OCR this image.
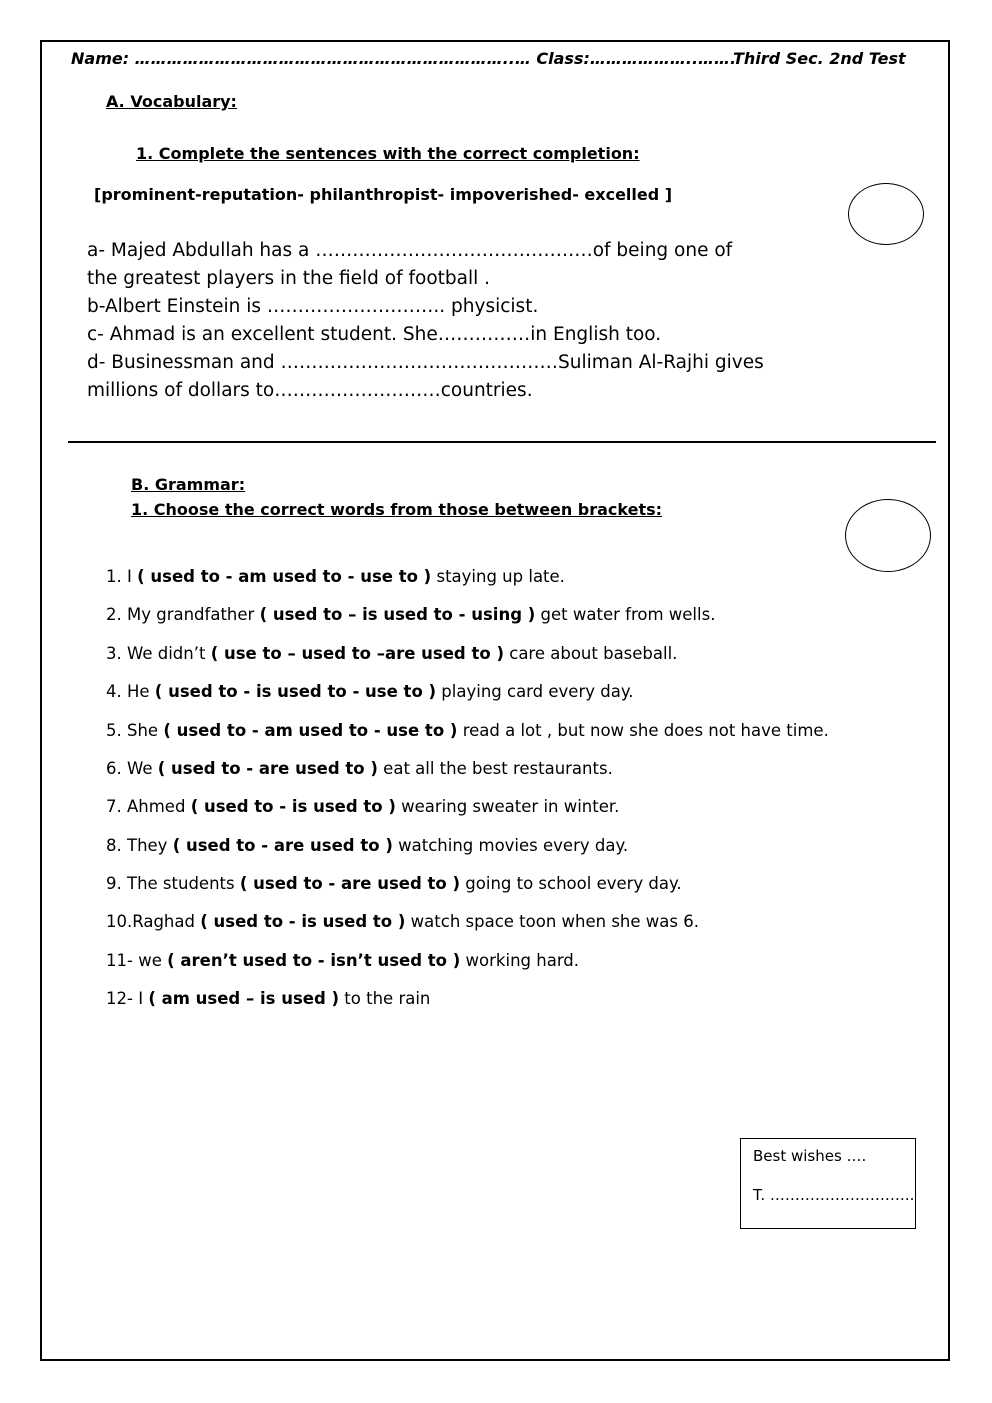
Name: ……………………………………………………………..… Class:………………..…….
Third Sec. 2nd Test
A. Vocabulary:
1. Complete the sentences with the correct completion:
[prominent-reputation- philanthropist- impoverished- excelled ]
a- Majed Abdullah has a ………………………………………of being one of
the greatest players in the field of football .
b-Albert Einstein is ……………………….. physicist.
c- Ahmad is an excellent student. She……………in English too.
d- Businessman and ………………………………………Suliman Al-Rajhi gives
millions of dollars to………………………countries.
B. Grammar:
1. Choose the correct words from those between brackets:
1. I ( used to - am used to - use to ) staying up late.
2. My grandfather ( used to – is used to - using ) get water from wells.
3. We didn’t ( use to – used to –are used to ) care about baseball.
4. He ( used to - is used to - use to ) playing card every day.
5. She ( used to - am used to - use to ) read a lot , but now she does not have time.
6. We ( used to - are used to ) eat all the best restaurants.
7. Ahmed ( used to - is used to ) wearing sweater in winter.
8. They ( used to - are used to ) watching movies every day.
9. The students ( used to - are used to ) going to school every day.
10.Raghad ( used to - is used to ) watch space toon when she was 6.
11- we ( aren’t used to - isn’t used to ) working hard.
12- I ( am used – is used ) to the rain
Best wishes ….
T. ………………………..
